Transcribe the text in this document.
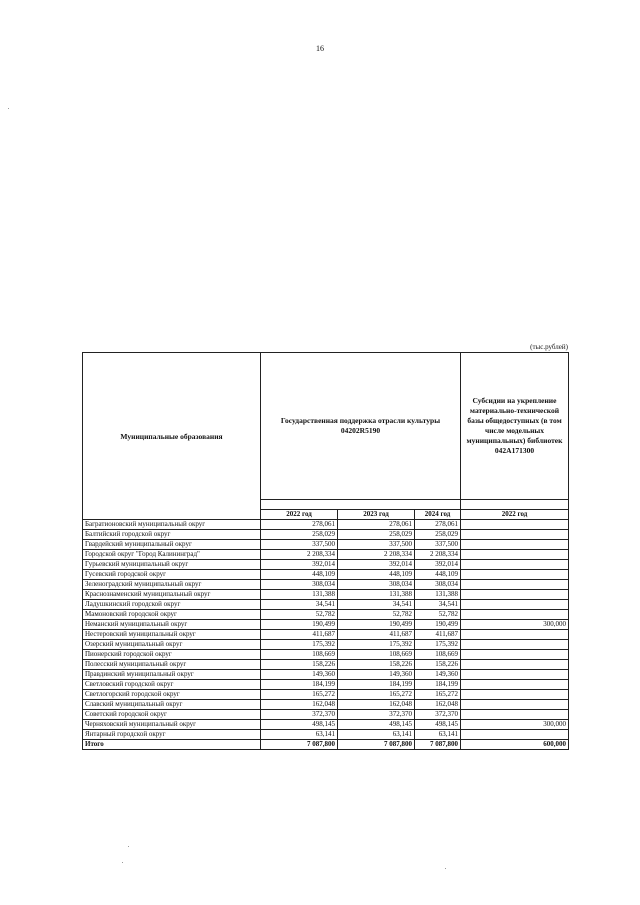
16
(тыс.рублей)
Муниципальные образования	Государственная поддержка отрасли культуры 04202R5190			Субсидии на укрепление материально-технической базы общедоступных (в том числе модельных муниципальных) библиотек 042А171300

	2022 год	2023 год	2024 год	2022 год
Багратионовский муниципальный округ	278,061	278,061	278,061	
Балтийский городской округ	258,029	258,029	258,029	
Гвардейский муниципальный округ	337,500	337,500	337,500	
Городской округ "Город Калининград"	2 208,334	2 208,334	2 208,334	
Гурьевский муниципальный округ	392,014	392,014	392,014	
Гусевский городской округ	448,109	448,109	448,109	
Зеленоградский муниципальный округ	308,034	308,034	308,034	
Краснознаменский муниципальный округ	131,388	131,388	131,388	
Ладушкинский городской округ	34,541	34,541	34,541	
Мамоновский городской округ	52,782	52,782	52,782	
Неманский муниципальный округ	190,499	190,499	190,499	300,000
Нестеровский муниципальный округ	411,687	411,687	411,687	
Озерский муниципальный округ	175,392	175,392	175,392	
Пионерский городской округ	108,669	108,669	108,669	
Полесский муниципальный округ	158,226	158,226	158,226	
Правдинский муниципальный округ	149,360	149,360	149,360	
Светловский городской округ	184,199	184,199	184,199	
Светлогорский городской округ	165,272	165,272	165,272	
Славский муниципальный округ	162,048	162,048	162,048	
Советский городской округ	372,370	372,370	372,370	
Черняховский муниципальный округ	498,145	498,145	498,145	300,000
Янтарный городской округ	63,141	63,141	63,141	
Итого	7 087,800	7 087,800	7 087,800	600,000
